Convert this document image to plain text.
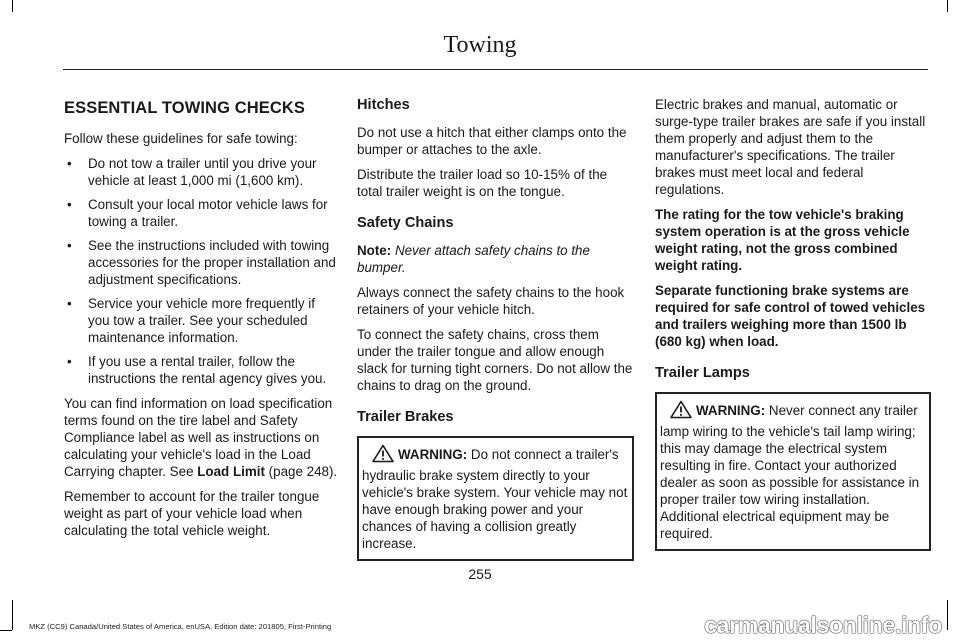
Towing
ESSENTIAL TOWING CHECKS

Follow these guidelines for safe towing:

• Do not tow a trailer until you drive your vehicle at least 1,000 mi (1,600 km).
• Consult your local motor vehicle laws for towing a trailer.
• See the instructions included with towing accessories for the proper installation and adjustment specifications.
• Service your vehicle more frequently if you tow a trailer. See your scheduled maintenance information.
• If you use a rental trailer, follow the instructions the rental agency gives you.

You can find information on load specification terms found on the tire label and Safety Compliance label as well as instructions on calculating your vehicle's load in the Load Carrying chapter. See Load Limit (page 248).

Remember to account for the trailer tongue weight as part of your vehicle load when calculating the total vehicle weight.

Hitches

Do not use a hitch that either clamps onto the bumper or attaches to the axle.

Distribute the trailer load so 10-15% of the total trailer weight is on the tongue.

Safety Chains

Note: Never attach safety chains to the bumper.

Always connect the safety chains to the hook retainers of your vehicle hitch.

To connect the safety chains, cross them under the trailer tongue and allow enough slack for turning tight corners. Do not allow the chains to drag on the ground.

Trailer Brakes
WARNING: Do not connect a trailer's hydraulic brake system directly to your vehicle's brake system. Your vehicle may not have enough braking power and your chances of having a collision greatly increase.

Electric brakes and manual, automatic or surge-type trailer brakes are safe if you install them properly and adjust them to the manufacturer's specifications. The trailer brakes must meet local and federal regulations.

The rating for the tow vehicle's braking system operation is at the gross vehicle weight rating, not the gross combined weight rating.

Separate functioning brake systems are required for safe control of towed vehicles and trailers weighing more than 1500 lb (680 kg) when load.

Trailer Lamps
WARNING: Never connect any trailer lamp wiring to the vehicle's tail lamp wiring; this may damage the electrical system resulting in fire. Contact your authorized dealer as soon as possible for assistance in proper trailer tow wiring installation. Additional electrical equipment may be required.
255
MKZ (CC9) Canada/United States of America, enUSA, Edition date: 201805, First-Printing	carmanualsonline.info
